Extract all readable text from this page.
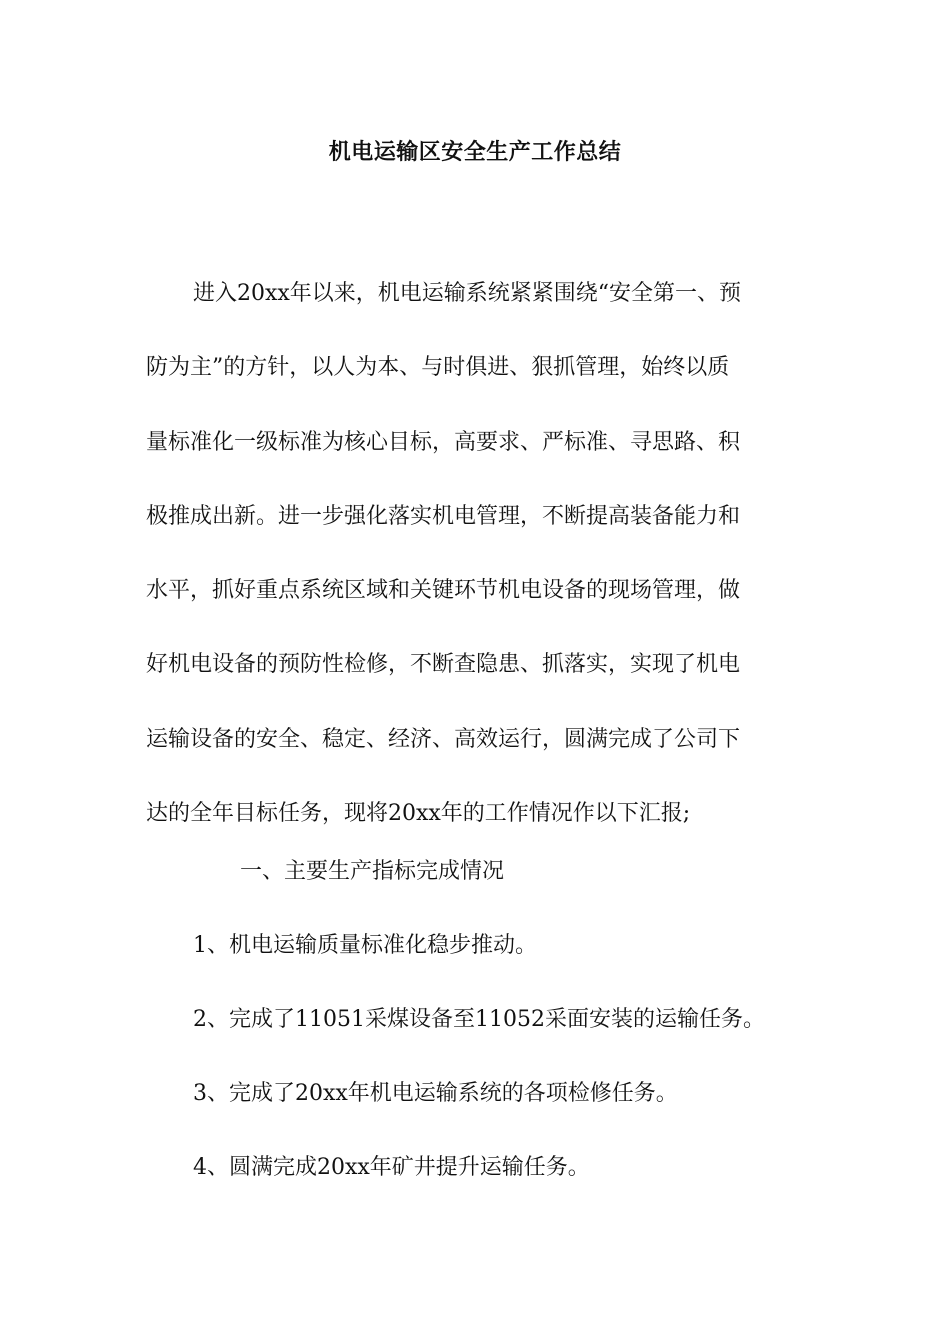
机电运输区安全生产工作总结
进入20xx年以来，机电运输系统紧紧围绕“安全第一、预
防为主”的方针，以人为本、与时俱进、狠抓管理，始终以质
量标准化一级标准为核心目标，高要求、严标准、寻思路、积
极推成出新。进一步强化落实机电管理，不断提高装备能力和
水平，抓好重点系统区域和关键环节机电设备的现场管理，做
好机电设备的预防性检修，不断查隐患、抓落实，实现了机电
运输设备的安全、稳定、经济、高效运行，圆满完成了公司下
达的全年目标任务，现将20xx年的工作情况作以下汇报;
一、主要生产指标完成情况
1、机电运输质量标准化稳步推动。
2、完成了11051采煤设备至11052采面安装的运输任务。
3、完成了20xx年机电运输系统的各项检修任务。
4、圆满完成20xx年矿井提升运输任务。
